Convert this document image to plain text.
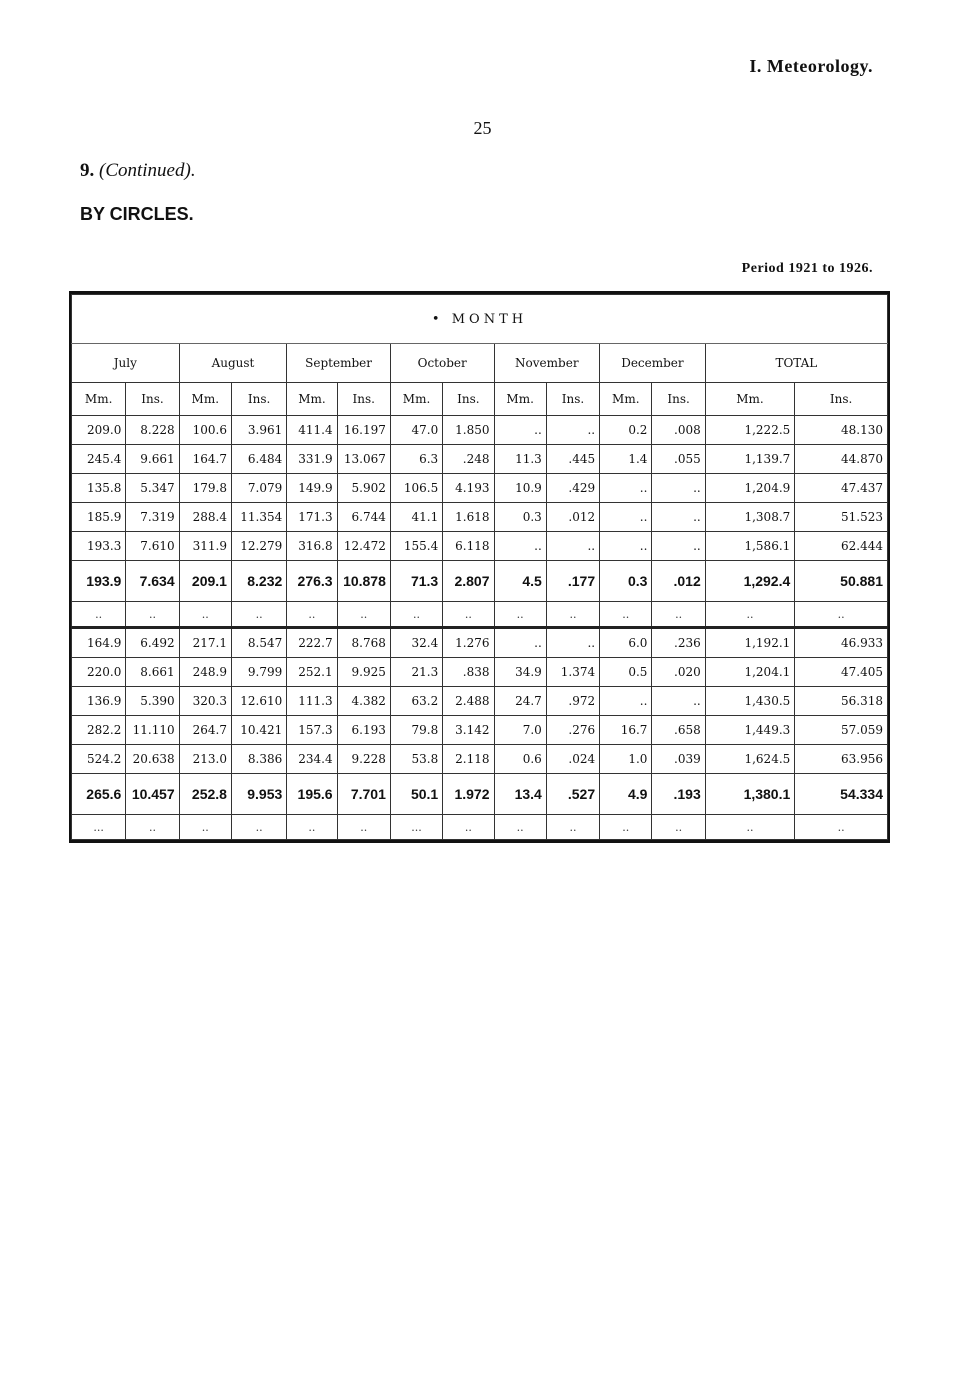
I. Meteorology.
25
9. (Continued).
BY CIRCLES.
Period 1921 to 1926.
• MONTH													
July		August		September		October		November		December		TOTAL	
Mm.	Ins.	Mm.	Ins.	Mm.	Ins.	Mm.	Ins.	Mm.	Ins.	Mm.	Ins.	Mm.	Ins.
209.0	8.228	100.6	3.961	411.4	16.197	47.0	1.850	..	..	0.2	.008	1,222.5	48.130
245.4	9.661	164.7	6.484	331.9	13.067	6.3	.248	11.3	.445	1.4	.055	1,139.7	44.870
135.8	5.347	179.8	7.079	149.9	5.902	106.5	4.193	10.9	.429	..	..	1,204.9	47.437
185.9	7.319	288.4	11.354	171.3	6.744	41.1	1.618	0.3	.012	..	..	1,308.7	51.523
193.3	7.610	311.9	12.279	316.8	12.472	155.4	6.118	..	..	..	..	1,586.1	62.444
193.9	7.634	209.1	8.232	276.3	10.878	71.3	2.807	4.5	.177	0.3	.012	1,292.4	50.881
..	..	..	..	..	..	..	..	..	..	..	..	..	..
164.9	6.492	217.1	8.547	222.7	8.768	32.4	1.276	..	..	6.0	.236	1,192.1	46.933
220.0	8.661	248.9	9.799	252.1	9.925	21.3	.838	34.9	1.374	0.5	.020	1,204.1	47.405
136.9	5.390	320.3	12.610	111.3	4.382	63.2	2.488	24.7	.972	..	..	1,430.5	56.318
282.2	11.110	264.7	10.421	157.3	6.193	79.8	3.142	7.0	.276	16.7	.658	1,449.3	57.059
524.2	20.638	213.0	8.386	234.4	9.228	53.8	2.118	0.6	.024	1.0	.039	1,624.5	63.956
265.6	10.457	252.8	9.953	195.6	7.701	50.1	1.972	13.4	.527	4.9	.193	1,380.1	54.334
...	..	..	..	..	..	...	..	..	..	..	..	..	..
